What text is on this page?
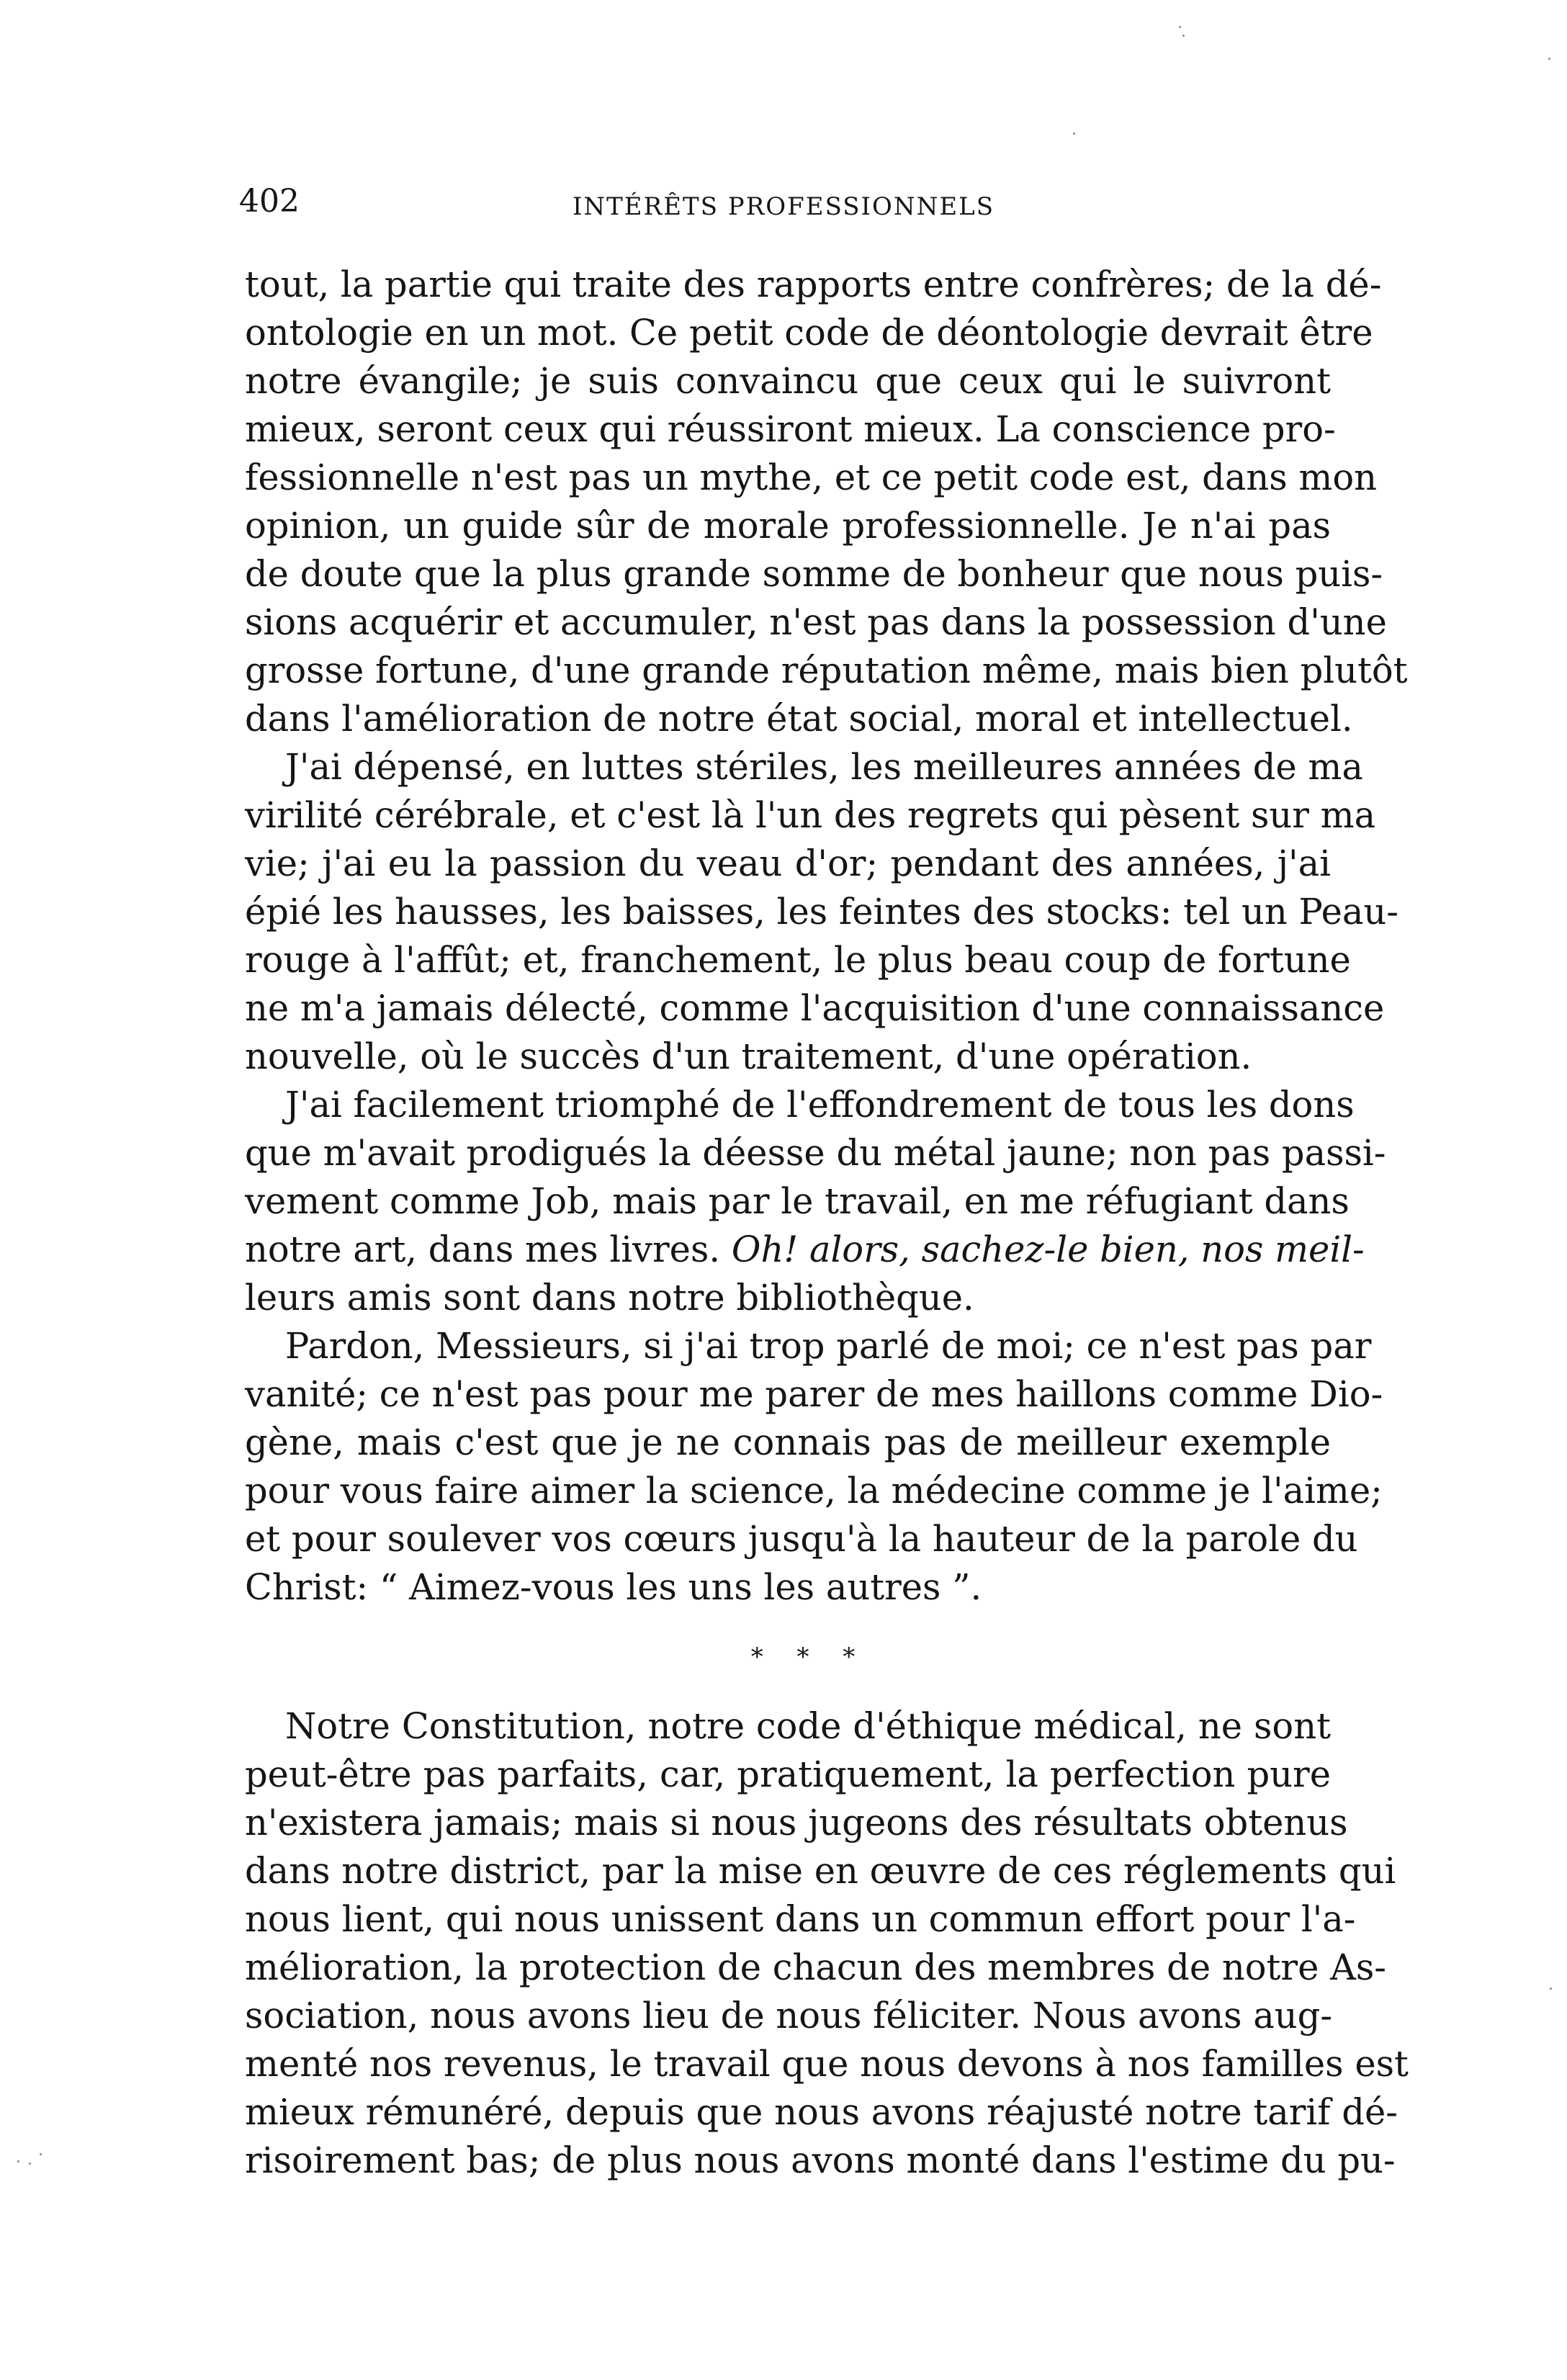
402	INTÉRÊTS PROFESSIONNELS
tout, la partie qui traite des rapports entre confrères; de la dé-
ontologie en un mot. Ce petit code de déontologie devrait être
notre évangile; je suis convaincu que ceux qui le suivront
mieux, seront ceux qui réussiront mieux. La conscience pro-
fessionnelle n'est pas un mythe, et ce petit code est, dans mon
opinion, un guide sûr de morale professionnelle. Je n'ai pas
de doute que la plus grande somme de bonheur que nous puis-
sions acquérir et accumuler, n'est pas dans la possession d'une
grosse fortune, d'une grande réputation même, mais bien plutôt
dans l'amélioration de notre état social, moral et intellectuel.
J'ai dépensé, en luttes stériles, les meilleures années de ma
virilité cérébrale, et c'est là l'un des regrets qui pèsent sur ma
vie; j'ai eu la passion du veau d'or; pendant des années, j'ai
épié les hausses, les baisses, les feintes des stocks: tel un Peau-
rouge à l'affût; et, franchement, le plus beau coup de fortune
ne m'a jamais délecté, comme l'acquisition d'une connaissance
nouvelle, où le succès d'un traitement, d'une opération.
J'ai facilement triomphé de l'effondrement de tous les dons
que m'avait prodigués la déesse du métal jaune; non pas passi-
vement comme Job, mais par le travail, en me réfugiant dans
notre art, dans mes livres. Oh! alors, sachez-le bien, nos meil-
leurs amis sont dans notre bibliothèque.
Pardon, Messieurs, si j'ai trop parlé de moi; ce n'est pas par
vanité; ce n'est pas pour me parer de mes haillons comme Dio-
gène, mais c'est que je ne connais pas de meilleur exemple
pour vous faire aimer la science, la médecine comme je l'aime;
et pour soulever vos cœurs jusqu'à la hauteur de la parole du
Christ: “ Aimez-vous les uns les autres ”.
* * *
Notre Constitution, notre code d'éthique médical, ne sont
peut-être pas parfaits, car, pratiquement, la perfection pure
n'existera jamais; mais si nous jugeons des résultats obtenus
dans notre district, par la mise en œuvre de ces réglements qui
nous lient, qui nous unissent dans un commun effort pour l'a-
mélioration, la protection de chacun des membres de notre As-
sociation, nous avons lieu de nous féliciter. Nous avons aug-
menté nos revenus, le travail que nous devons à nos familles est
mieux rémunéré, depuis que nous avons réajusté notre tarif dé-
risoirement bas; de plus nous avons monté dans l'estime du pu-
